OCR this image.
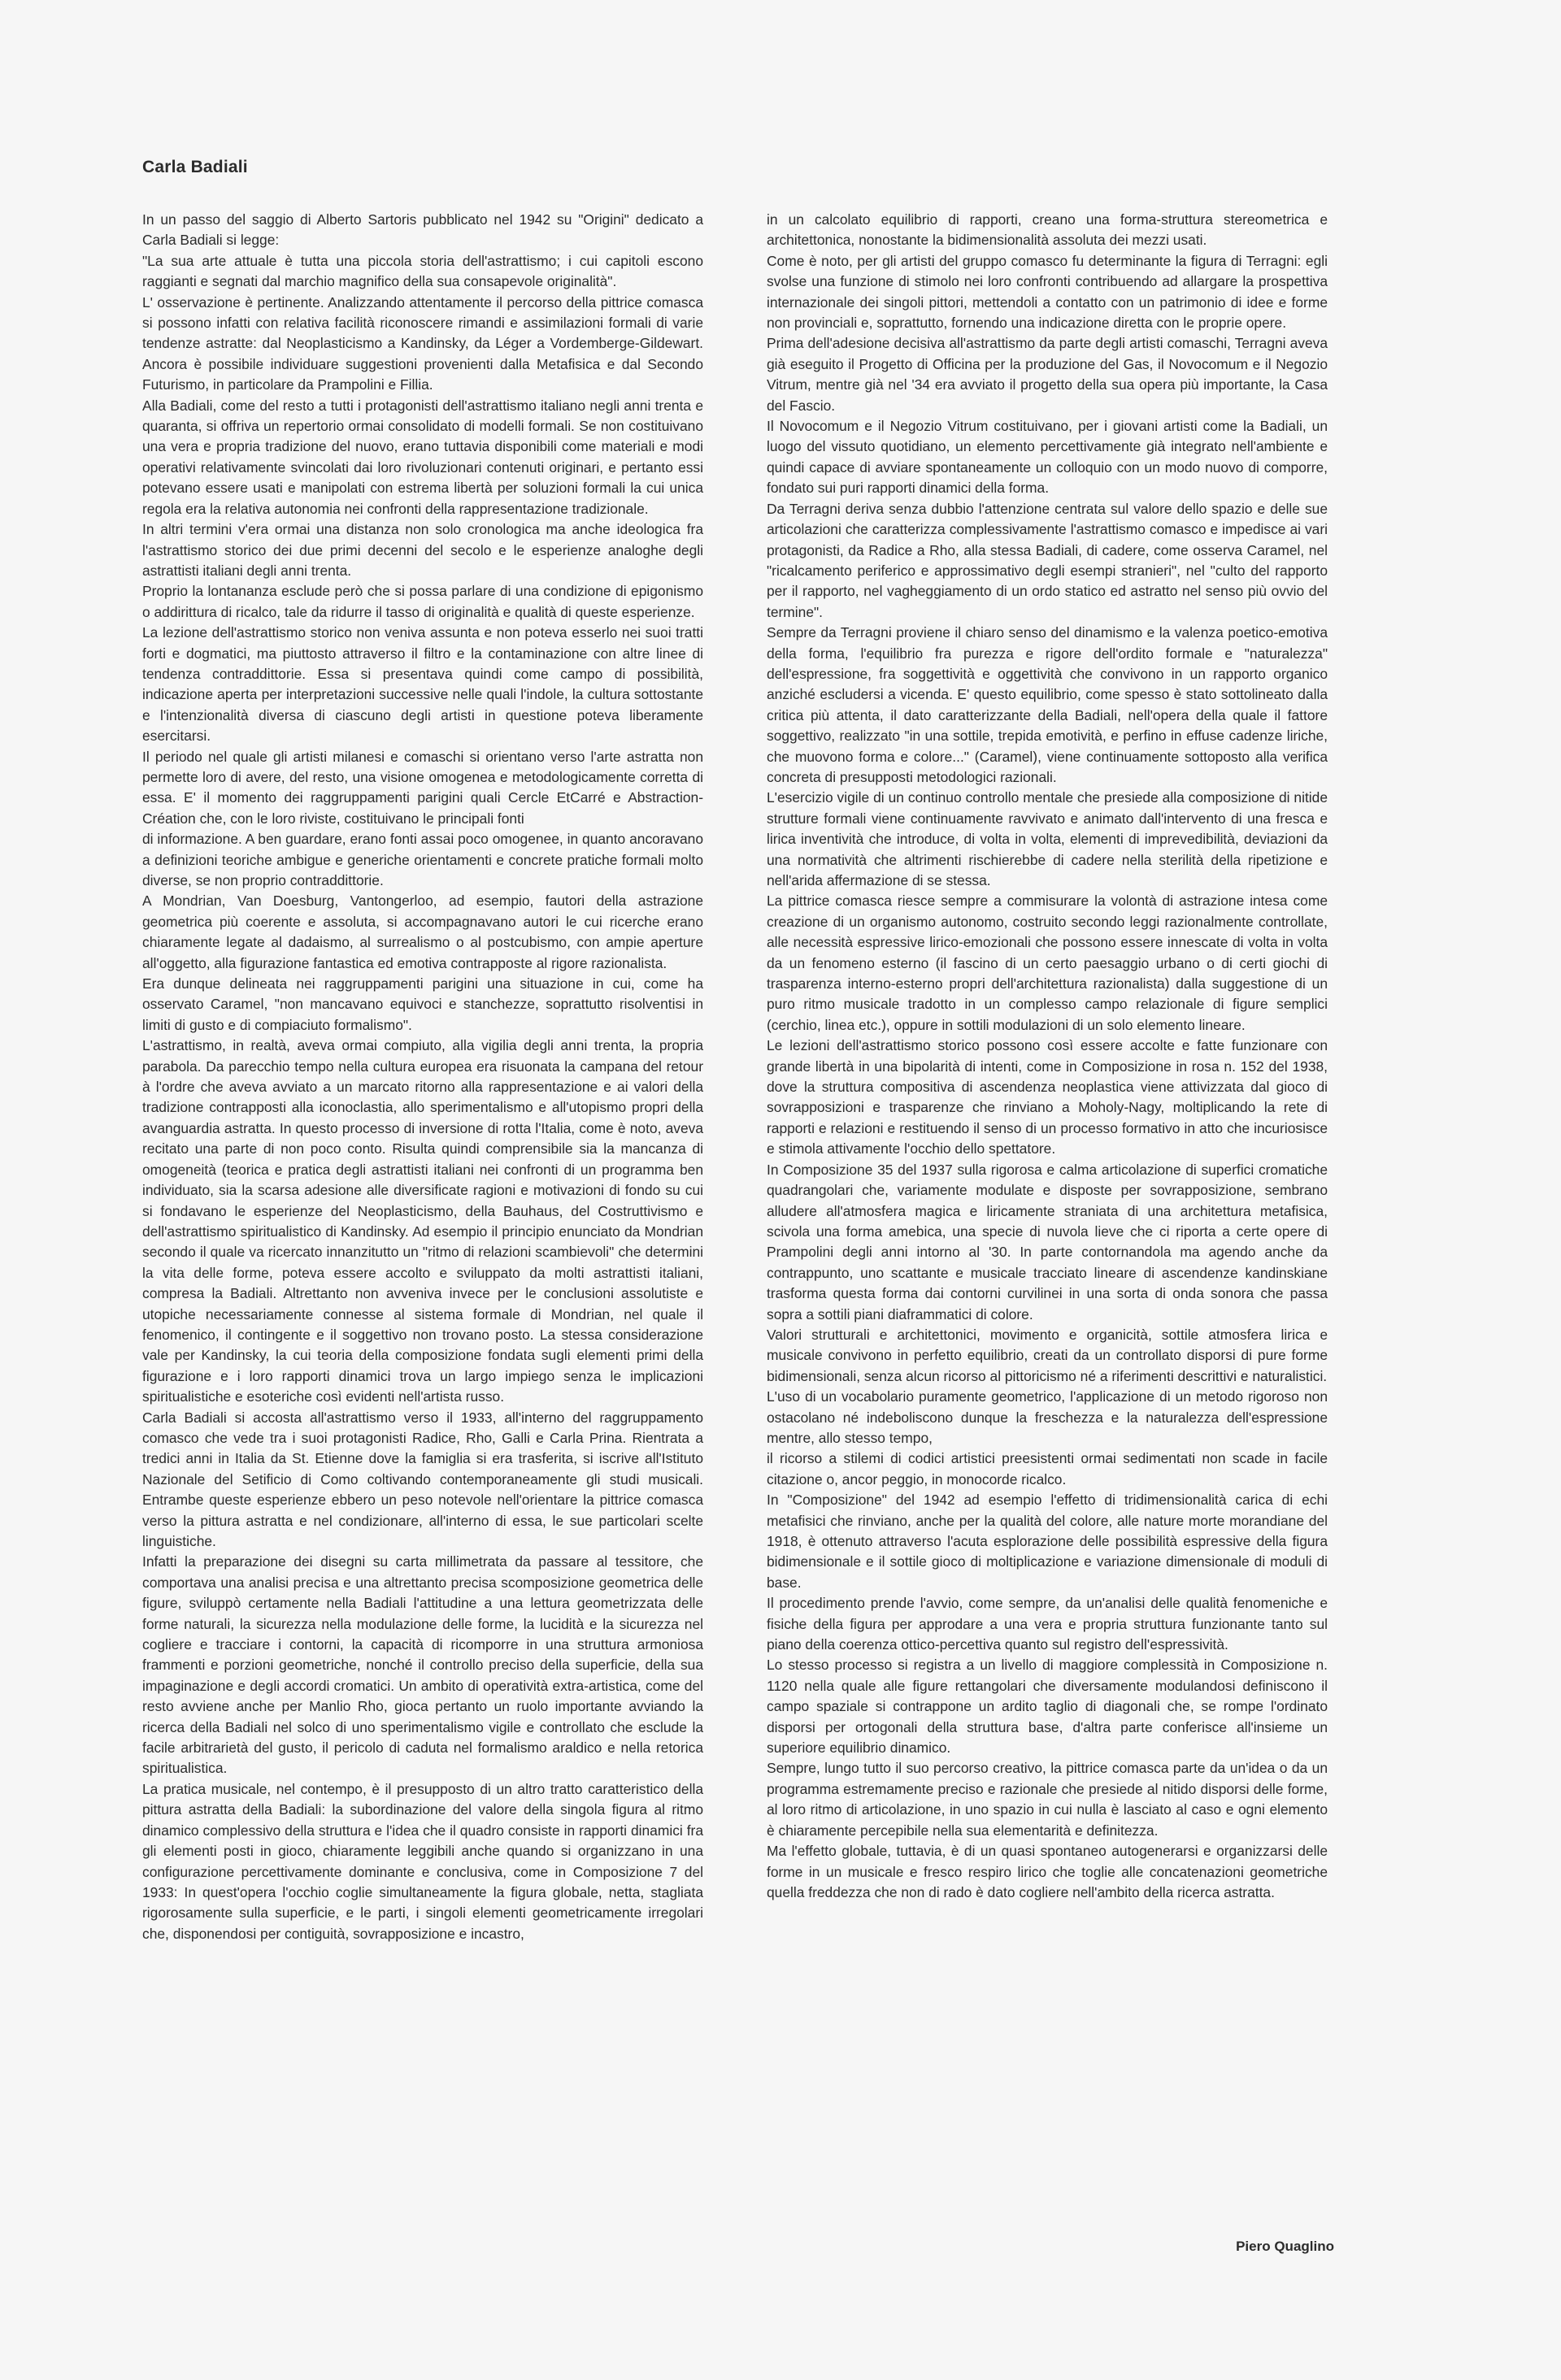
Carla Badiali

In un passo del saggio di Alberto Sartoris pubblicato nel 1942 su "Origini" dedicato a Carla Badiali si legge:

"La sua arte attuale è tutta una piccola storia dell'astrattismo; i cui capitoli escono raggianti e segnati dal marchio magnifico della sua consapevole originalità".

L' osservazione è pertinente. Analizzando attentamente il percorso della pittrice comasca si possono infatti con relativa facilità riconoscere rimandi e assimilazioni formali di varie tendenze astratte: dal Neoplasticismo a Kandinsky, da Léger a Vordemberge-Gildewart. Ancora è possibile individuare suggestioni provenienti dalla Metafisica e dal Secondo Futurismo, in particolare da Prampolini e Fillia.

Alla Badiali, come del resto a tutti i protagonisti dell'astrattismo italiano negli anni trenta e quaranta, si offriva un repertorio ormai consolidato di modelli formali. Se non costituivano una vera e propria tradizione del nuovo, erano tuttavia disponibili come materiali e modi operativi relativamente svincolati dai loro rivoluzionari contenuti originari, e pertanto essi potevano essere usati e manipolati con estrema libertà per soluzioni formali la cui unica regola era la relativa autonomia nei confronti della rappresentazione tradizionale.

In altri termini v'era ormai una distanza non solo cronologica ma anche ideologica fra l'astrattismo storico dei due primi decenni del secolo e le esperienze analoghe degli astrattisti italiani degli anni trenta.

Proprio la lontananza esclude però che si possa parlare di una condizione di epigonismo o addirittura di ricalco, tale da ridurre il tasso di originalità e qualità di queste esperienze.

La lezione dell'astrattismo storico non veniva assunta e non poteva esserlo nei suoi tratti forti e dogmatici, ma piuttosto attraverso il filtro e la contaminazione con altre linee di tendenza contraddittorie. Essa si presentava quindi come campo di possibilità, indicazione aperta per interpretazioni successive nelle quali l'indole, la cultura sottostante e l'intenzionalità diversa di ciascuno degli artisti in questione poteva liberamente esercitarsi.

Il periodo nel quale gli artisti milanesi e comaschi si orientano verso l'arte astratta non permette loro di avere, del resto, una visione omogenea e metodologicamente corretta di essa. E' il momento dei raggruppamenti parigini quali Cercle EtCarré e Abstraction-Création che, con le loro riviste, costituivano le principali fonti

di informazione. A ben guardare, erano fonti assai poco omogenee, in quanto ancoravano a definizioni teoriche ambigue e generiche orientamenti e concrete pratiche formali molto diverse, se non proprio contraddittorie.

A Mondrian, Van Doesburg, Vantongerloo, ad esempio, fautori della astrazione geometrica più coerente e assoluta, si accompagnavano autori le cui ricerche erano chiaramente legate al dadaismo, al surrealismo o al postcubismo, con ampie aperture all'oggetto, alla figurazione fantastica ed emotiva contrapposte al rigore razionalista.

Era dunque delineata nei raggruppamenti parigini una situazione in cui, come ha osservato Caramel, "non mancavano equivoci e stanchezze, soprattutto risolventisi in limiti di gusto e di compiaciuto formalismo".

L'astrattismo, in realtà, aveva ormai compiuto, alla vigilia degli anni trenta, la propria parabola. Da parecchio tempo nella cultura europea era risuonata la campana del retour à l'ordre che aveva avviato a un marcato ritorno alla rappresentazione e ai valori della tradizione contrapposti alla iconoclastia, allo sperimentalismo e all'utopismo propri della avanguardia astratta. In questo processo di inversione di rotta l'Italia, come è noto, aveva recitato una parte di non poco conto. Risulta quindi comprensibile sia la mancanza di omogeneità (teorica e pratica degli astrattisti italiani nei confronti di un programma ben individuato, sia la scarsa adesione alle diversificate ragioni e motivazioni di fondo su cui si fondavano le esperienze del Neoplasticismo, della Bauhaus, del Costruttivismo e dell'astrattismo spiritualistico di Kandinsky. Ad esempio il principio enunciato da Mondrian secondo il quale va ricercato innanzitutto un "ritmo di relazioni scambievoli" che determini la vita delle forme, poteva essere accolto e sviluppato da molti astrattisti italiani, compresa la Badiali. Altrettanto non avveniva invece per le conclusioni assolutiste e utopiche necessariamente connesse al sistema formale di Mondrian, nel quale il fenomenico, il contingente e il soggettivo non trovano posto. La stessa considerazione vale per Kandinsky, la cui teoria della composizione fondata sugli elementi primi della figurazione e i loro rapporti dinamici trova un largo impiego senza le implicazioni spiritualistiche e esoteriche così evidenti nell'artista russo.

Carla Badiali si accosta all'astrattismo verso il 1933, all'interno del raggruppamento comasco che vede tra i suoi protagonisti Radice, Rho, Galli e Carla Prina. Rientrata a tredici anni in Italia da St. Etienne dove la famiglia si era trasferita, si iscrive all'Istituto Nazionale del Setificio di Como coltivando contemporaneamente gli studi musicali. Entrambe queste esperienze ebbero un peso notevole nell'orientare la pittrice comasca verso la pittura astratta e nel condizionare, all'interno di essa, le sue particolari scelte linguistiche.

Infatti la preparazione dei disegni su carta millimetrata da passare al tessitore, che comportava una analisi precisa e una altrettanto precisa scomposizione geometrica delle figure, sviluppò certamente nella Badiali l'attitudine a una lettura geometrizzata delle forme naturali, la sicurezza nella modulazione delle forme, la lucidità e la sicurezza nel cogliere e tracciare i contorni, la capacità di ricomporre in una struttura armoniosa frammenti e porzioni geometriche, nonché il controllo preciso della superficie, della sua impaginazione e degli accordi cromatici. Un ambito di operatività extra-artistica, come del resto avviene anche per Manlio Rho, gioca pertanto un ruolo importante avviando la ricerca della Badiali nel solco di uno sperimentalismo vigile e controllato che esclude la facile arbitrarietà del gusto, il pericolo di caduta nel formalismo araldico e nella retorica spiritualistica.

La pratica musicale, nel contempo, è il presupposto di un altro tratto caratteristico della pittura astratta della Badiali: la subordinazione del valore della singola figura al ritmo dinamico complessivo della struttura e l'idea che il quadro consiste in rapporti dinamici fra gli elementi posti in gioco, chiaramente leggibili anche quando si organizzano in una configurazione percettivamente dominante e conclusiva, come in Composizione 7 del 1933: In quest'opera l'occhio coglie simultaneamente la figura globale, netta, stagliata rigorosamente sulla superficie, e le parti, i singoli elementi geometricamente irregolari che, disponendosi per contiguità, sovrapposizione e incastro,

in un calcolato equilibrio di rapporti, creano una forma-struttura stereometrica e architettonica, nonostante la bidimensionalità assoluta dei mezzi usati.

Come è noto, per gli artisti del gruppo comasco fu determinante la figura di Terragni: egli svolse una funzione di stimolo nei loro confronti contribuendo ad allargare la prospettiva internazionale dei singoli pittori, mettendoli a contatto con un patrimonio di idee e forme non provinciali e, soprattutto, fornendo una indicazione diretta con le proprie opere.

Prima dell'adesione decisiva all'astrattismo da parte degli artisti comaschi, Terragni aveva già eseguito il Progetto di Officina per la produzione del Gas, il Novocomum e il Negozio Vitrum, mentre già nel '34 era avviato il progetto della sua opera più importante, la Casa del Fascio.

Il Novocomum e il Negozio Vitrum costituivano, per i giovani artisti come la Badiali, un luogo del vissuto quotidiano, un elemento percettivamente già integrato nell'ambiente e quindi capace di avviare spontaneamente un colloquio con un modo nuovo di comporre, fondato sui puri rapporti dinamici della forma.

Da Terragni deriva senza dubbio l'attenzione centrata sul valore dello spazio e delle sue articolazioni che caratterizza complessivamente l'astrattismo comasco e impedisce ai vari protagonisti, da Radice a Rho, alla stessa Badiali, di cadere, come osserva Caramel, nel "ricalcamento periferico e approssimativo degli esempi stranieri", nel "culto del rapporto per il rapporto, nel vagheggiamento di un ordo statico ed astratto nel senso più ovvio del termine".

Sempre da Terragni proviene il chiaro senso del dinamismo e la valenza poetico-emotiva della forma, l'equilibrio fra purezza e rigore dell'ordito formale e "naturalezza" dell'espressione, fra soggettività e oggettività che convivono in un rapporto organico anziché escludersi a vicenda. E' questo equilibrio, come spesso è stato sottolineato dalla critica più attenta, il dato caratterizzante della Badiali, nell'opera della quale il fattore soggettivo, realizzato "in una sottile, trepida emotività, e perfino in effuse cadenze liriche, che muovono forma e colore..." (Caramel), viene continuamente sottoposto alla verifica concreta di presupposti metodologici razionali.

L'esercizio vigile di un continuo controllo mentale che presiede alla composizione di nitide strutture formali viene continuamente ravvivato e animato dall'intervento di una fresca e lirica inventività che introduce, di volta in volta, elementi di imprevedibilità, deviazioni da una normatività che altrimenti rischierebbe di cadere nella sterilità della ripetizione e nell'arida affermazione di se stessa.

La pittrice comasca riesce sempre a commisurare la volontà di astrazione intesa come creazione di un organismo autonomo, costruito secondo leggi razionalmente controllate, alle necessità espressive lirico-emozionali che possono essere innescate di volta in volta da un fenomeno esterno (il fascino di un certo paesaggio urbano o di certi giochi di trasparenza interno-esterno propri dell'architettura razionalista) dalla suggestione di un puro ritmo musicale tradotto in un complesso campo relazionale di figure semplici (cerchio, linea etc.), oppure in sottili modulazioni di un solo elemento lineare.

Le lezioni dell'astrattismo storico possono così essere accolte e fatte funzionare con grande libertà in una bipolarità di intenti, come in Composizione in rosa n. 152 del 1938, dove la struttura compositiva di ascendenza neoplastica viene attivizzata dal gioco di sovrapposizioni e trasparenze che rinviano a Moholy-Nagy, moltiplicando la rete di rapporti e relazioni e restituendo il senso di un processo formativo in atto che incuriosisce e stimola attivamente l'occhio dello spettatore.

In Composizione 35 del 1937 sulla rigorosa e calma articolazione di superfici cromatiche quadrangolari che, variamente modulate e disposte per sovrapposizione, sembrano alludere all'atmosfera magica e liricamente straniata di una architettura metafisica, scivola una forma amebica, una specie di nuvola lieve che ci riporta a certe opere di Prampolini degli anni intorno al '30. In parte contornandola ma agendo anche da contrappunto, uno scattante e musicale tracciato lineare di ascendenze kandinskiane trasforma questa forma dai contorni curvilinei in una sorta di onda sonora che passa sopra a sottili piani diaframmatici di colore.

Valori strutturali e architettonici, movimento e organicità, sottile atmosfera lirica e musicale convivono in perfetto equilibrio, creati da un controllato disporsi di pure forme bidimensionali, senza alcun ricorso al pittoricismo né a riferimenti descrittivi e naturalistici.

L'uso di un vocabolario puramente geometrico, l'applicazione di un metodo rigoroso non ostacolano né indeboliscono dunque la freschezza e la naturalezza dell'espressione mentre, allo stesso tempo,

il ricorso a stilemi di codici artistici preesistenti ormai sedimentati non scade in facile citazione o, ancor peggio, in monocorde ricalco.

In "Composizione" del 1942 ad esempio l'effetto di tridimensionalità carica di echi metafisici che rinviano, anche per la qualità del colore, alle nature morte morandiane del 1918, è ottenuto attraverso l'acuta esplorazione delle possibilità espressive della figura bidimensionale e il sottile gioco di moltiplicazione e variazione dimensionale di moduli di base.

Il procedimento prende l'avvio, come sempre, da un'analisi delle qualità fenomeniche e fisiche della figura per approdare a una vera e propria struttura funzionante tanto sul piano della coerenza ottico-percettiva quanto sul registro dell'espressività.

Lo stesso processo si registra a un livello di maggiore complessità in Composizione n. 1120 nella quale alle figure rettangolari che diversamente modulandosi definiscono il campo spaziale si contrappone un ardito taglio di diagonali che, se rompe l'ordinato disporsi per ortogonali della struttura base, d'altra parte conferisce all'insieme un superiore equilibrio dinamico.

Sempre, lungo tutto il suo percorso creativo, la pittrice comasca parte da un'idea o da un programma estremamente preciso e razionale che presiede al nitido disporsi delle forme, al loro ritmo di articolazione, in uno spazio in cui nulla è lasciato al caso e ogni elemento è chiaramente percepibile nella sua elementarità e definitezza.

Ma l'effetto globale, tuttavia, è di un quasi spontaneo autogenerarsi e organizzarsi delle forme in un musicale e fresco respiro lirico che toglie alle concatenazioni geometriche quella freddezza che non di rado è dato cogliere nell'ambito della ricerca astratta.

Piero Quaglino
